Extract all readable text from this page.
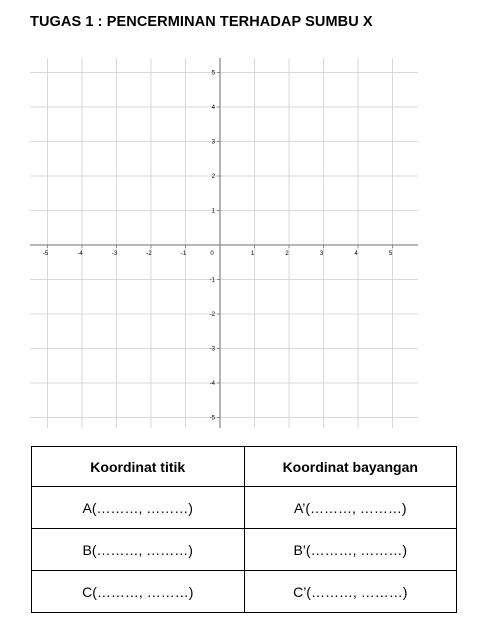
TUGAS 1 : PENCERMINAN TERHADAP SUMBU X
-5	-4	-3	-2	-1	0	1	2	3	4	5
5
4
3
2
1
-1
-2
-3
-4
-5
Koordinat titik	Koordinat bayangan
A(………, ………)	A’(………, ………)
B(………, ………)	B’(………, ………)
C(………, ………)	C’(………, ………)
